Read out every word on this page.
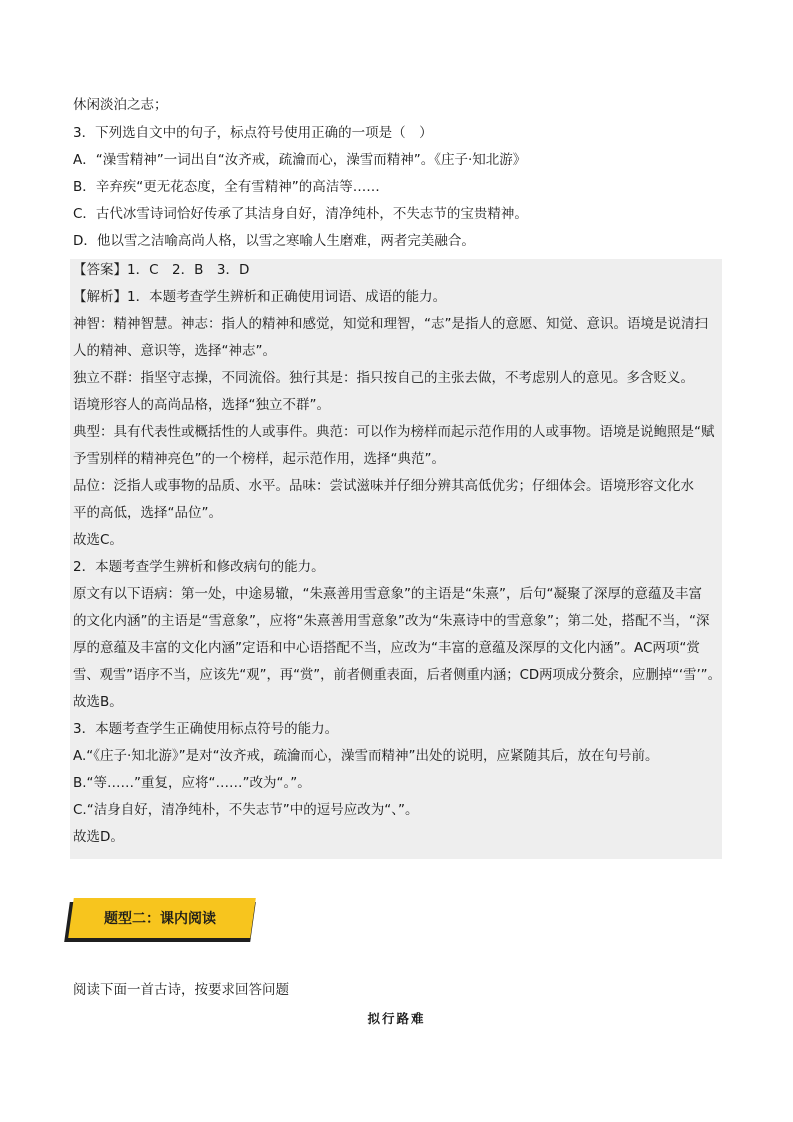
休闲淡泊之志；
3．下列选自文中的句子，标点符号使用正确的一项是（　）
A．“澡雪精神”一词出自“汝齐戒，疏瀹而心，澡雪而精神”。《庄子·知北游》
B．辛弃疾“更无花态度，全有雪精神”的高洁等……
C．古代冰雪诗词恰好传承了其洁身自好，清净纯朴，不失志节的宝贵精神。
D．他以雪之洁喻高尚人格，以雪之寒喻人生磨难，两者完美融合。
【答案】1．C　2．B　3．D
【解析】1．本题考查学生辨析和正确使用词语、成语的能力。
神智：精神智慧。神志：指人的精神和感觉，知觉和理智，“志”是指人的意愿、知觉、意识。语境是说清扫
人的精神、意识等，选择“神志”。
独立不群：指坚守志操，不同流俗。独行其是：指只按自己的主张去做，不考虑别人的意见。多含贬义。
语境形容人的高尚品格，选择“独立不群”。
典型：具有代表性或概括性的人或事件。典范：可以作为榜样而起示范作用的人或事物。语境是说鲍照是“赋
予雪别样的精神亮色”的一个榜样，起示范作用，选择“典范”。
品位：泛指人或事物的品质、水平。品味：尝试滋味并仔细分辨其高低优劣；仔细体会。语境形容文化水
平的高低，选择“品位”。
故选C。
2．本题考查学生辨析和修改病句的能力。
原文有以下语病：第一处，中途易辙，“朱熹善用雪意象”的主语是“朱熹”，后句“凝聚了深厚的意蕴及丰富
的文化内涵”的主语是“雪意象”，应将“朱熹善用雪意象”改为“朱熹诗中的雪意象”；第二处，搭配不当，“深
厚的意蕴及丰富的文化内涵”定语和中心语搭配不当，应改为“丰富的意蕴及深厚的文化内涵”。AC两项“赏
雪、观雪”语序不当，应该先“观”，再“赏”，前者侧重表面，后者侧重内涵；CD两项成分赘余，应删掉“‘雪’”。
故选B。
3．本题考查学生正确使用标点符号的能力。
A.“《庄子·知北游》”是对“汝齐戒，疏瀹而心，澡雪而精神”出处的说明，应紧随其后，放在句号前。
B.“等……”重复，应将“……”改为“。”。
C.“洁身自好，清净纯朴，不失志节”中的逗号应改为“、”。
故选D。
题型二：课内阅读
阅读下面一首古诗，按要求回答问题
拟行路难
